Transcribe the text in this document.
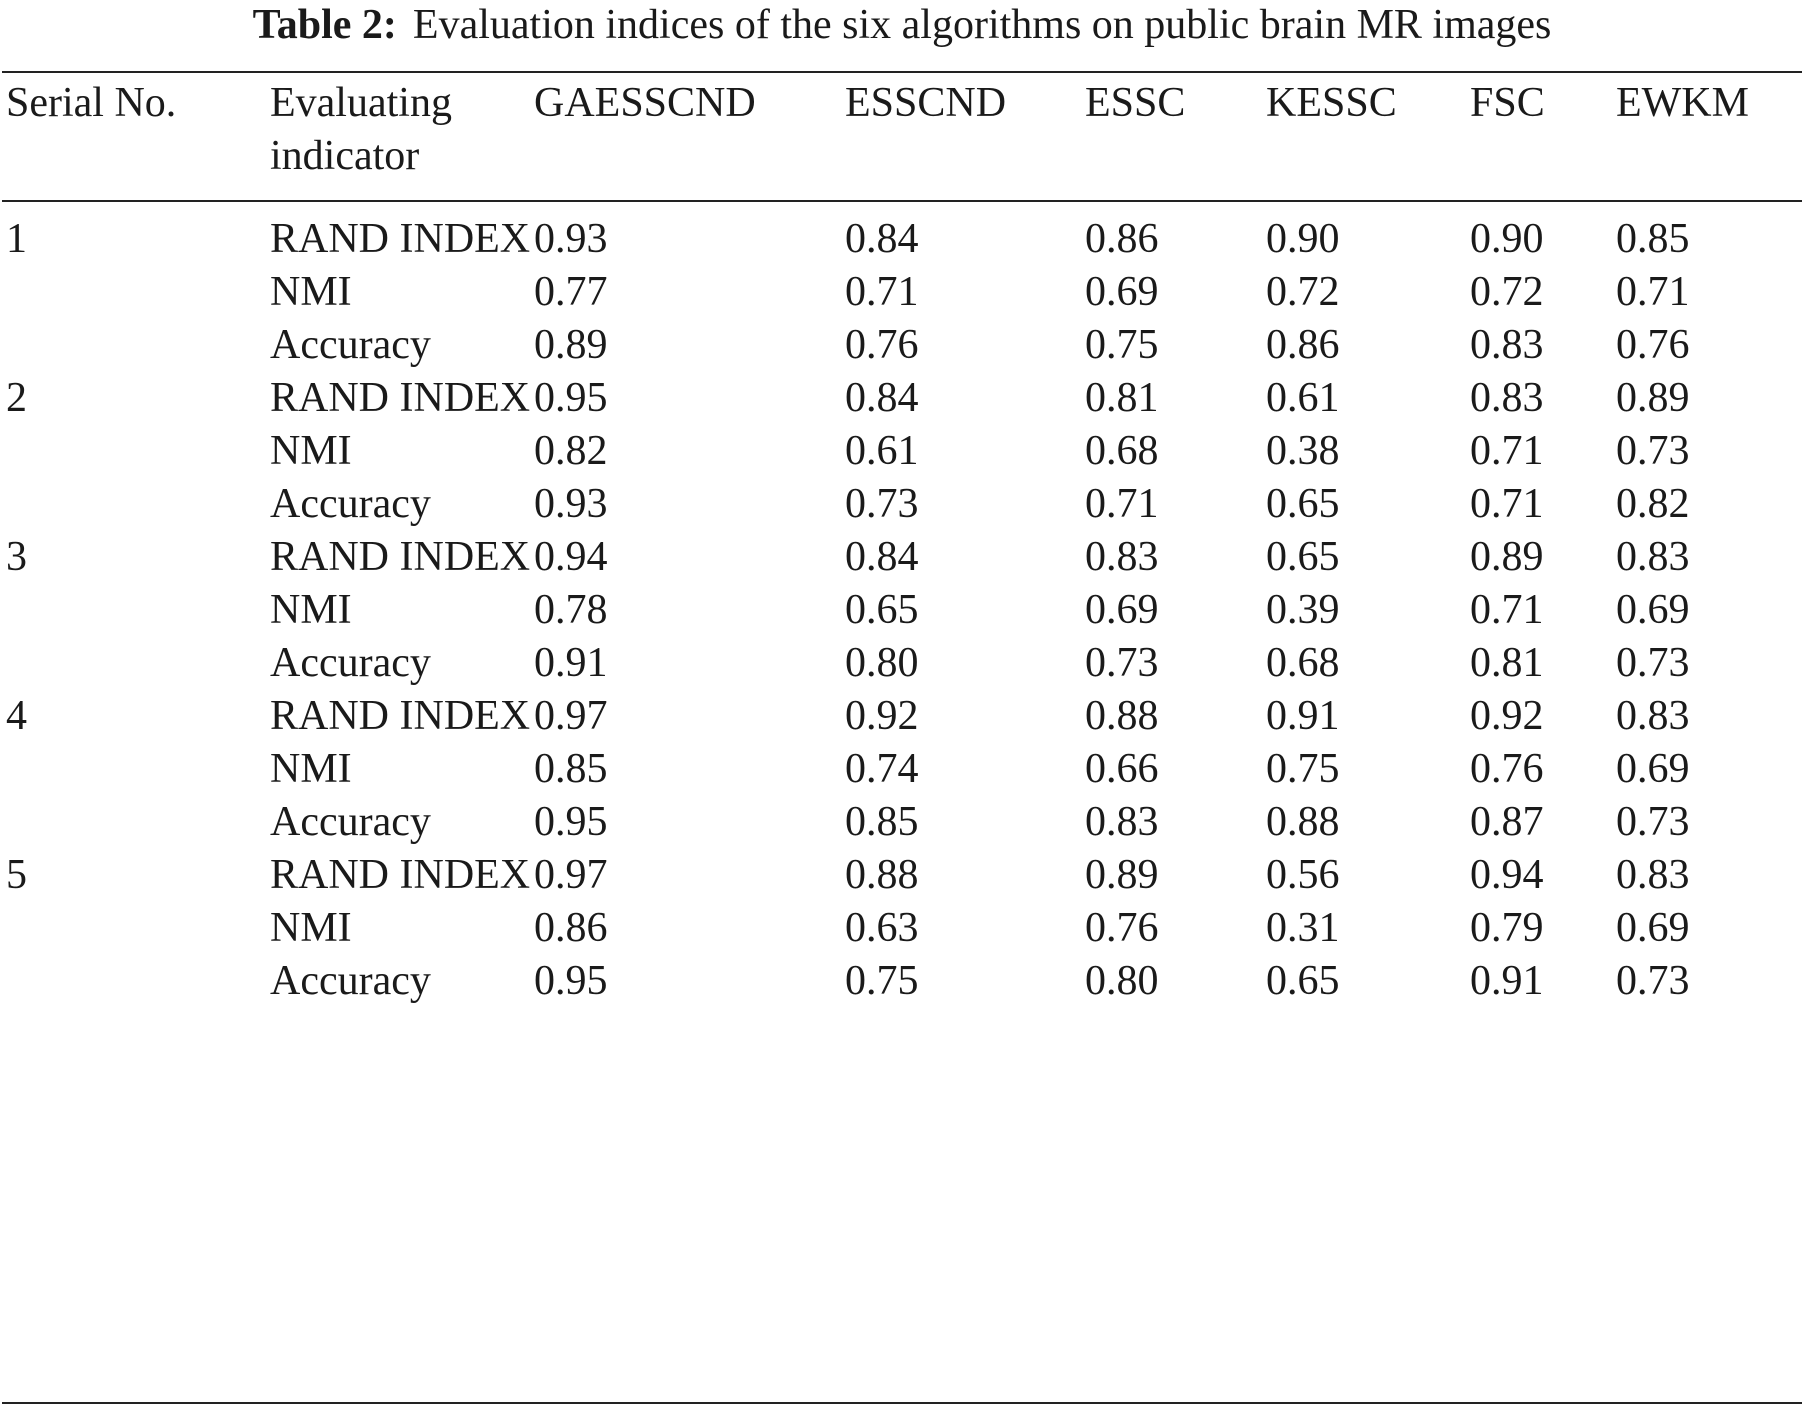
Table 2: Evaluation indices of the six algorithms on public brain MR images
Serial No.	Evaluating indicator	GAESSCND	ESSCND	ESSC	KESSC	FSC	EWKM

1	RAND INDEX	0.93	0.84	0.86	0.90	0.90	0.85
	NMI	0.77	0.71	0.69	0.72	0.72	0.71
	Accuracy	0.89	0.76	0.75	0.86	0.83	0.76
2	RAND INDEX	0.95	0.84	0.81	0.61	0.83	0.89
	NMI	0.82	0.61	0.68	0.38	0.71	0.73
	Accuracy	0.93	0.73	0.71	0.65	0.71	0.82
3	RAND INDEX	0.94	0.84	0.83	0.65	0.89	0.83
	NMI	0.78	0.65	0.69	0.39	0.71	0.69
	Accuracy	0.91	0.80	0.73	0.68	0.81	0.73
4	RAND INDEX	0.97	0.92	0.88	0.91	0.92	0.83
	NMI	0.85	0.74	0.66	0.75	0.76	0.69
	Accuracy	0.95	0.85	0.83	0.88	0.87	0.73
5	RAND INDEX	0.97	0.88	0.89	0.56	0.94	0.83
	NMI	0.86	0.63	0.76	0.31	0.79	0.69
	Accuracy	0.95	0.75	0.80	0.65	0.91	0.73
